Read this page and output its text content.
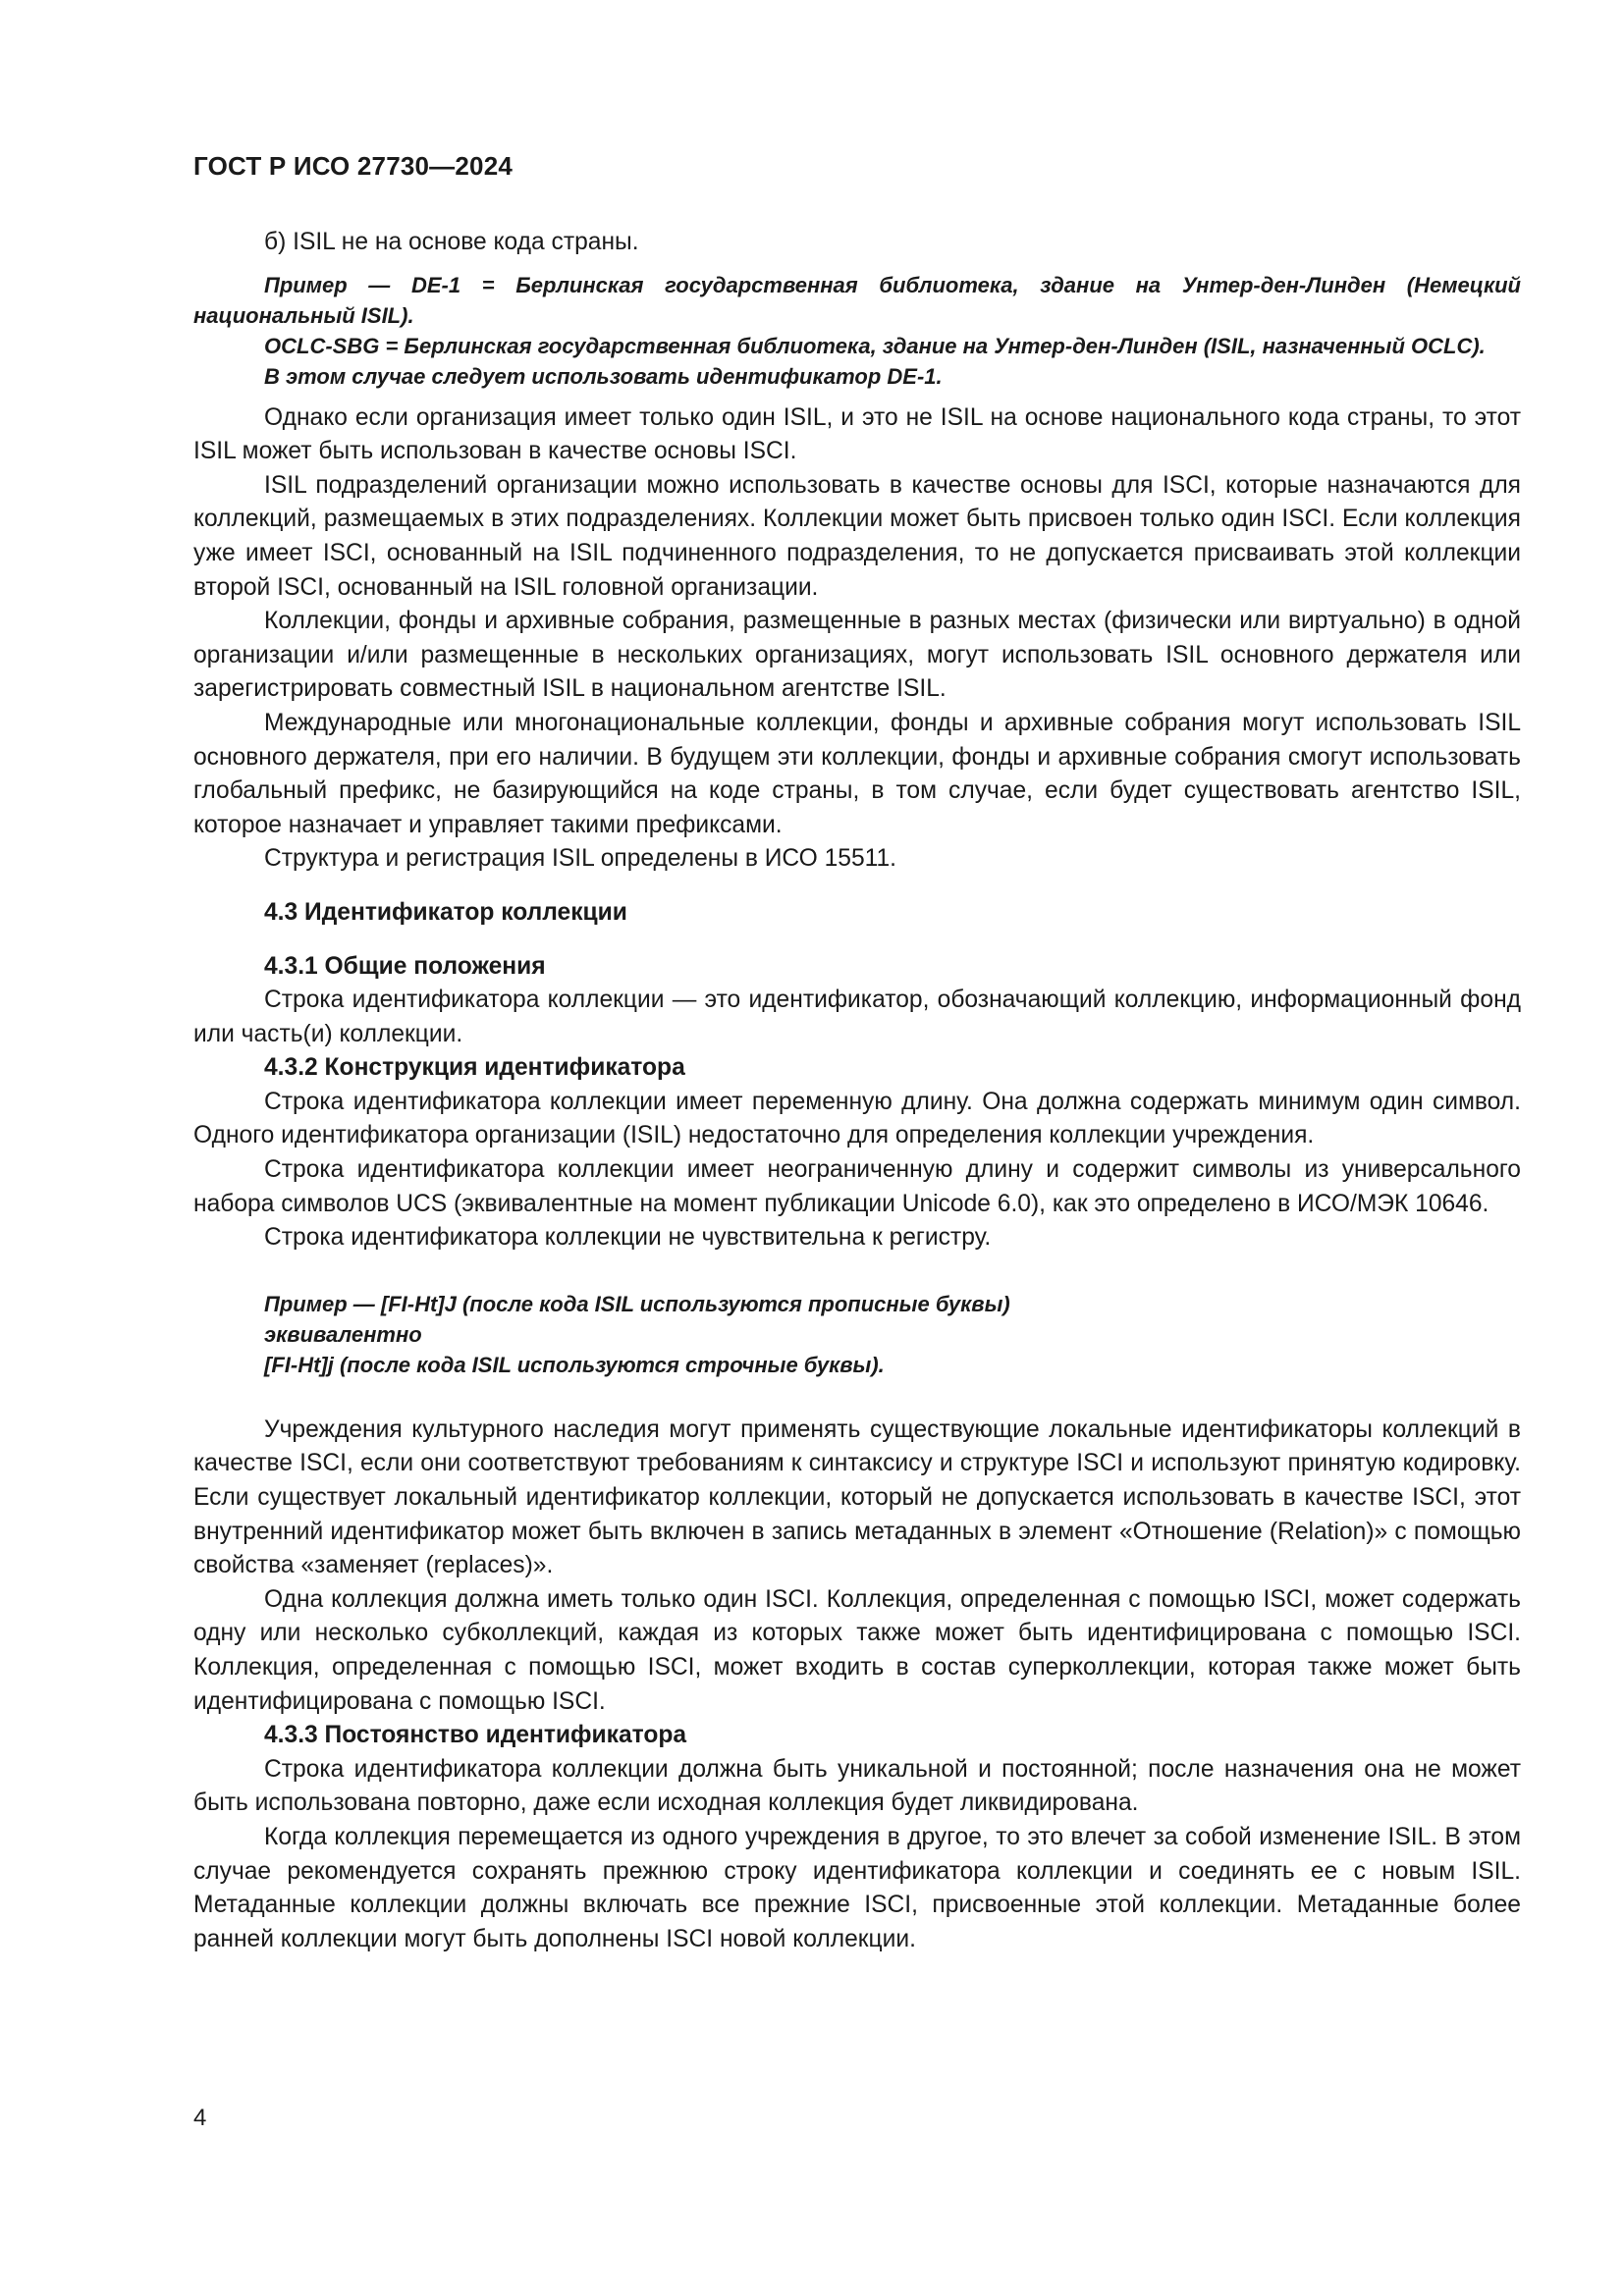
ГОСТ Р ИСО 27730—2024

б) ISIL не на основе кода страны.

Пример — DE-1 = Берлинская государственная библиотека, здание на Унтер-ден-Линден (Немецкий национальный ISIL).

OCLC-SBG = Берлинская государственная библиотека, здание на Унтер-ден-Линден (ISIL, назначенный OCLC).

В этом случае следует использовать идентификатор DE-1.

Однако если организация имеет только один ISIL, и это не ISIL на основе национального кода страны, то этот ISIL может быть использован в качестве основы ISCI.

ISIL подразделений организации можно использовать в качестве основы для ISCI, которые назначаются для коллекций, размещаемых в этих подразделениях. Коллекции может быть присвоен только один ISCI. Если коллекция уже имеет ISCI, основанный на ISIL подчиненного подразделения, то не допускается присваивать этой коллекции второй ISCI, основанный на ISIL головной организации.

Коллекции, фонды и архивные собрания, размещенные в разных местах (физически или виртуально) в одной организации и/или размещенные в нескольких организациях, могут использовать ISIL основного держателя или зарегистрировать совместный ISIL в национальном агентстве ISIL.

Международные или многонациональные коллекции, фонды и архивные собрания могут использовать ISIL основного держателя, при его наличии. В будущем эти коллекции, фонды и архивные собрания смогут использовать глобальный префикс, не базирующийся на коде страны, в том случае, если будет существовать агентство ISIL, которое назначает и управляет такими префиксами.

Структура и регистрация ISIL определены в ИСО 15511.

4.3 Идентификатор коллекции

4.3.1 Общие положения

Строка идентификатора коллекции — это идентификатор, обозначающий коллекцию, информационный фонд или часть(и) коллекции.

4.3.2 Конструкция идентификатора

Строка идентификатора коллекции имеет переменную длину. Она должна содержать минимум один символ. Одного идентификатора организации (ISIL) недостаточно для определения коллекции учреждения.

Строка идентификатора коллекции имеет неограниченную длину и содержит символы из универсального набора символов UCS (эквивалентные на момент публикации Unicode 6.0), как это определено в ИСО/МЭК 10646.

Строка идентификатора коллекции не чувствительна к регистру.

Пример — [FI-Ht]J (после кода ISIL используются прописные буквы)

эквивалентно

[FI-Ht]j (после кода ISIL используются строчные буквы).

Учреждения культурного наследия могут применять существующие локальные идентификаторы коллекций в качестве ISCI, если они соответствуют требованиям к синтаксису и структуре ISCI и используют принятую кодировку. Если существует локальный идентификатор коллекции, который не допускается использовать в качестве ISCI, этот внутренний идентификатор может быть включен в запись метаданных в элемент «Отношение (Relation)» с помощью свойства «заменяет (replaces)».

Одна коллекция должна иметь только один ISCI. Коллекция, определенная с помощью ISCI, может содержать одну или несколько субколлекций, каждая из которых также может быть идентифицирована с помощью ISCI. Коллекция, определенная с помощью ISCI, может входить в состав суперколлекции, которая также может быть идентифицирована с помощью ISCI.

4.3.3 Постоянство идентификатора

Строка идентификатора коллекции должна быть уникальной и постоянной; после назначения она не может быть использована повторно, даже если исходная коллекция будет ликвидирована.

Когда коллекция перемещается из одного учреждения в другое, то это влечет за собой изменение ISIL. В этом случае рекомендуется сохранять прежнюю строку идентификатора коллекции и соединять ее с новым ISIL. Метаданные коллекции должны включать все прежние ISCI, присвоенные этой коллекции. Метаданные более ранней коллекции могут быть дополнены ISCI новой коллекции.

4
